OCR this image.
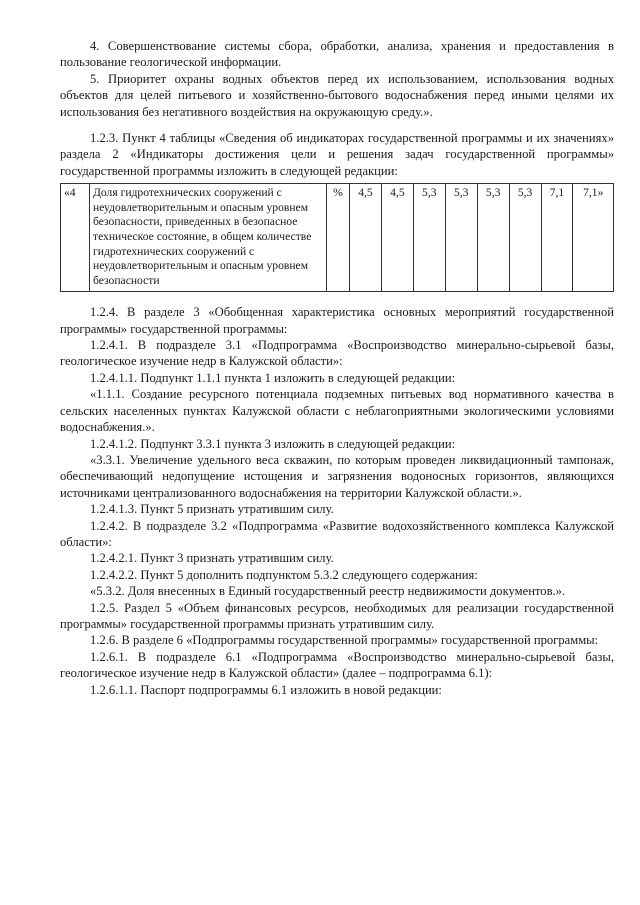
4. Совершенствование системы сбора, обработки, анализа, хранения и предоставления в пользование геологической информации.

5. Приоритет охраны водных объектов перед их использованием, использования водных объектов для целей питьевого и хозяйственно-бытового водоснабжения перед иными целями их использования без негативного воздействия на окружающую среду.».

1.2.3. Пункт 4 таблицы «Сведения об индикаторах государственной программы и их значениях» раздела 2 «Индикаторы достижения цели и решения задач государственной программы» государственной программы изложить в следующей редакции:

«4	Доля гидротехнических сооружений с неудовлетворительным и опасным уровнем безопасности, приведенных в безопасное техническое состояние, в общем количестве гидротехнических сооружений с неудовлетворительным и опасным уровнем безопасности	%	4,5	4,5	5,3	5,3	5,3	5,3	7,1	7,1»

1.2.4. В разделе 3 «Обобщенная характеристика основных мероприятий государственной программы» государственной программы:

1.2.4.1. В подразделе 3.1 «Подпрограмма «Воспроизводство минерально-сырьевой базы, геологическое изучение недр в Калужской области»:

1.2.4.1.1. Подпункт 1.1.1 пункта 1 изложить в следующей редакции:

«1.1.1. Создание ресурсного потенциала подземных питьевых вод нормативного качества в сельских населенных пунктах Калужской области с неблагоприятными экологическими условиями водоснабжения.».

1.2.4.1.2. Подпункт 3.3.1 пункта 3 изложить в следующей редакции:

«3.3.1. Увеличение удельного веса скважин, по которым проведен ликвидационный тампонаж, обеспечивающий недопущение истощения и загрязнения водоносных горизонтов, являющихся источниками централизованного водоснабжения на территории Калужской области.».

1.2.4.1.3. Пункт 5 признать утратившим силу.

1.2.4.2. В подразделе 3.2 «Подпрограмма «Развитие водохозяйственного комплекса Калужской области»:

1.2.4.2.1. Пункт 3 признать утратившим силу.

1.2.4.2.2. Пункт 5 дополнить подпунктом 5.3.2 следующего содержания:

«5.3.2. Доля внесенных в Единый государственный реестр недвижимости документов.».

1.2.5. Раздел 5 «Объем финансовых ресурсов, необходимых для реализации государственной программы» государственной программы признать утратившим силу.

1.2.6. В разделе 6 «Подпрограммы государственной программы» государственной программы:

1.2.6.1. В подразделе 6.1 «Подпрограмма «Воспроизводство минерально-сырьевой базы, геологическое изучение недр в Калужской области» (далее – подпрограмма 6.1):

1.2.6.1.1. Паспорт подпрограммы 6.1 изложить в новой редакции:
